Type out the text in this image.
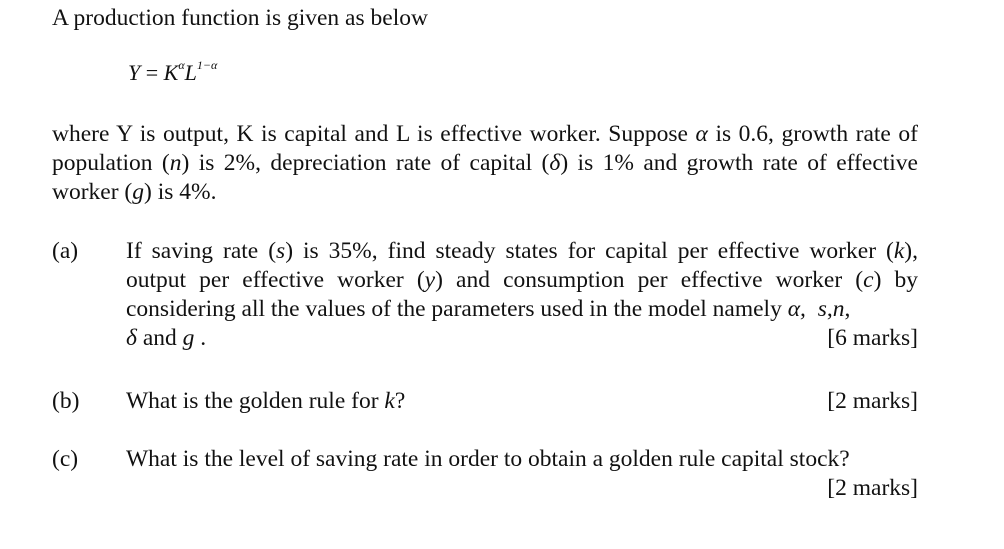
A production function is given as below

$Y = K^\alpha L^{1-\alpha}$

where Y is output, K is capital and L is effective worker. Suppose α is 0.6, growth rate of population (n) is 2%, depreciation rate of capital (δ) is 1% and growth rate of effective worker (g) is 4%.

(a) If saving rate (s) is 35%, find steady states for capital per effective worker (k), output per effective worker (y) and consumption per effective worker (c) by considering all the values of the parameters used in the model namely α, s,n,
δ and g .	[6 marks]
(b) What is the golden rule for k?	[2 marks]
(c) What is the level of saving rate in order to obtain a golden rule capital stock?
[2 marks]
